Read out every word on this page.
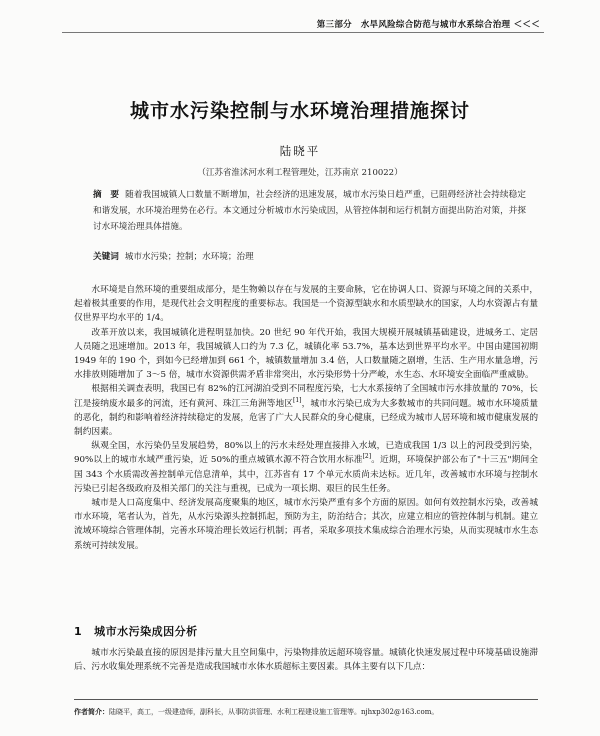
第三部分　水旱风险综合防范与城市水系综合治理 ＜＜＜
城市水污染控制与水环境治理措施探讨
陆晓平
（江苏省淮沭河水利工程管理处，江苏南京 210022）
摘　要 随着我国城镇人口数量不断增加，社会经济的迅速发展，城市水污染日趋严重，已阻碍经济社会持续稳定和谐发展，水环境治理势在必行。本文通过分析城市水污染成因，从管控体制和运行机制方面提出防治对策，并探讨水环境治理具体措施。
关键词 城市水污染；控制；水环境；治理

水环境是自然环境的重要组成部分，是生物赖以存在与发展的主要命脉，它在协调人口、资源与环境之间的关系中，起着极其重要的作用，是现代社会文明程度的重要标志。我国是一个资源型缺水和水质型缺水的国家，人均水资源占有量仅世界平均水平的 1/4。

改革开放以来，我国城镇化进程明显加快。20 世纪 90 年代开始，我国大规模开展城镇基础建设，进城务工、定居人员随之迅速增加。2013 年，我国城镇人口约为 7.3 亿，城镇化率 53.7%，基本达到世界平均水平。中国由建国初期 1949 年的 190 个，到如今已经增加到 661 个，城镇数量增加 3.4 倍，人口数量随之剧增，生活、生产用水量急增，污水排放则随增加了 3～5 倍，城市水资源供需矛盾非常突出，水污染形势十分严峻，水生态、水环境安全面临严重威胁。

根据相关调查表明，我国已有 82%的江河湖泊受到不同程度污染，七大水系接纳了全国城市污水排放量的 70%，长江是接纳废水最多的河流，还有黄河、珠江三角洲等地区[1]，城市水污染已成为大多数城市的共同问题。城市水环境质量的恶化，制约和影响着经济持续稳定的发展，危害了广大人民群众的身心健康，已经成为城市人居环境和城市健康发展的制约因素。

纵观全国，水污染仍呈发展趋势，80%以上的污水未经处理直接排入水域，已造成我国 1/3 以上的河段受到污染，90%以上的城市水域严重污染，近 50%的重点城镇水源不符合饮用水标准[2]。近期，环境保护部公布了"十三五"期间全国 343 个水质需改善控制单元信息清单，其中，江苏省有 17 个单元水质尚未达标。近几年，改善城市水环境与控制水污染已引起各级政府及相关部门的关注与重视，已成为一项长期、艰巨的民生任务。

城市是人口高度集中、经济发展高度聚集的地区，城市水污染严重有多个方面的原因。如何有效控制水污染，改善城市水环境，笔者认为，首先，从水污染源头控制抓起，预防为主，防治结合；其次，应建立相应的管控体制与机制。建立流域环境综合管理体制，完善水环境治理长效运行机制；再者，采取多项技术集成综合治理水污染，从而实现城市水生态系统可持续发展。

1 城市水污染成因分析

城市水污染最直接的原因是排污量大且空间集中，污染物排放远超环境容量。城镇化快速发展过程中环境基础设施滞后、污水收集处理系统不完善是造成我国城市水体水质超标主要因素。具体主要有以下几点：

作者简介：陆晓平，高工，一级建造师，副科长，从事防洪管理、水利工程建设施工管理等。njhxp302@163.com。
